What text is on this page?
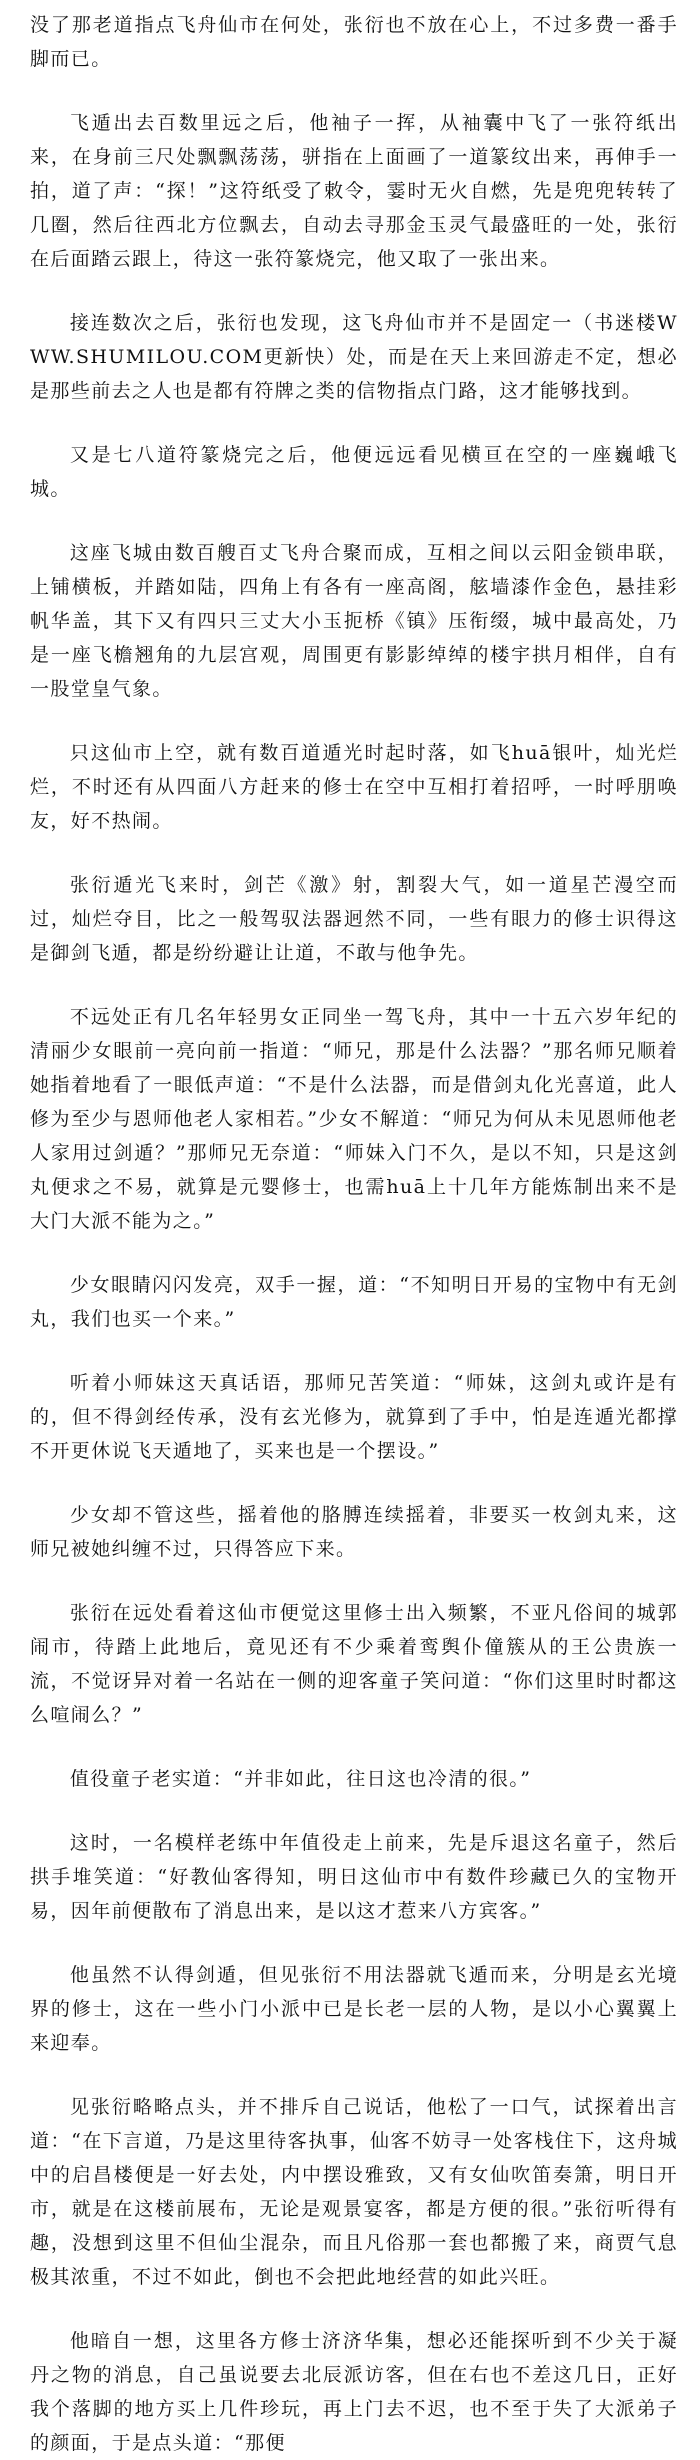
没了那老道指点飞舟仙市在何处，张衍也不放在心上，不过多费一番手脚而已。

飞遁出去百数里远之后，他袖子一挥，从袖囊中飞了一张符纸出来，在身前三尺处飘飘荡荡，骈指在上面画了一道篆纹出来，再伸手一拍，道了声：“探！”这符纸受了敕令，霎时无火自燃，先是兜兜转转了几圈，然后往西北方位飘去，自动去寻那金玉灵气最盛旺的一处，张衍在后面踏云跟上，待这一张符篆烧完，他又取了一张出来。

接连数次之后，张衍也发现，这飞舟仙市并不是固定一（书迷楼WWW.SHUMILOU.COM更新快）处，而是在天上来回游走不定，想必是那些前去之人也是都有符牌之类的信物指点门路，这才能够找到。

又是七八道符篆烧完之后，他便远远看见横亘在空的一座巍峨飞城。

这座飞城由数百艘百丈飞舟合聚而成，互相之间以云阳金锁串联，上铺横板，并踏如陆，四角上有各有一座高阁，舷墙漆作金色，悬挂彩帆华盖，其下又有四只三丈大小玉扼桥《镇》压衔缀，城中最高处，乃是一座飞檐翘角的九层宫观，周围更有影影绰绰的楼宇拱月相伴，自有一股堂皇气象。

只这仙市上空，就有数百道遁光时起时落，如飞huā银叶，灿光烂烂，不时还有从四面八方赶来的修士在空中互相打着招呼，一时呼朋唤友，好不热闹。

张衍遁光飞来时，剑芒《激》射，割裂大气，如一道星芒漫空而过，灿烂夺目，比之一般驾驭法器迥然不同，一些有眼力的修士识得这是御剑飞遁，都是纷纷避让让道，不敢与他争先。

不远处正有几名年轻男女正同坐一驾飞舟，其中一十五六岁年纪的清丽少女眼前一亮向前一指道：“师兄，那是什么法器？”那名师兄顺着她指着地看了一眼低声道：“不是什么法器，而是借剑丸化光喜道，此人修为至少与恩师他老人家相若。”少女不解道：“师兄为何从未见恩师他老人家用过剑遁？”那师兄无奈道：“师妹入门不久，是以不知，只是这剑丸便求之不易，就算是元婴修士，也需huā上十几年方能炼制出来不是大门大派不能为之。”

少女眼睛闪闪发亮，双手一握，道：“不知明日开易的宝物中有无剑丸，我们也买一个来。”

听着小师妹这天真话语，那师兄苦笑道：“师妹，这剑丸或许是有的，但不得剑经传承，没有玄光修为，就算到了手中，怕是连遁光都撑不开更休说飞天遁地了，买来也是一个摆设。”

少女却不管这些，摇着他的胳膊连续摇着，非要买一枚剑丸来，这师兄被她纠缠不过，只得答应下来。

张衍在远处看着这仙市便觉这里修士出入频繁，不亚凡俗间的城郭闹市，待踏上此地后，竟见还有不少乘着鸾舆仆僮簇从的王公贵族一流，不觉讶异对着一名站在一侧的迎客童子笑问道：“你们这里时时都这么喧闹么？”

值役童子老实道：“并非如此，往日这也冷清的很。”

这时，一名模样老练中年值役走上前来，先是斥退这名童子，然后拱手堆笑道：“好教仙客得知，明日这仙市中有数件珍藏已久的宝物开易，因年前便散布了消息出来，是以这才惹来八方宾客。”

他虽然不认得剑遁，但见张衍不用法器就飞遁而来，分明是玄光境界的修士，这在一些小门小派中已是长老一层的人物，是以小心翼翼上来迎奉。

见张衍略略点头，并不排斥自己说话，他松了一口气，试探着出言道：“在下言道，乃是这里待客执事，仙客不妨寻一处客栈住下，这舟城中的启昌楼便是一好去处，内中摆设雅致，又有女仙吹笛奏箫，明日开市，就是在这楼前展布，无论是观景宴客，都是方便的很。”张衍听得有趣，没想到这里不但仙尘混杂，而且凡俗那一套也都搬了来，商贾气息极其浓重，不过不如此，倒也不会把此地经营的如此兴旺。

他暗自一想，这里各方修士济济华集，想必还能探听到不少关于凝丹之物的消息，自己虽说要去北辰派访客，但在右也不差这几日，正好我个落脚的地方买上几件珍玩，再上门去不迟，也不至于失了大派弟子的颜面，于是点头道：“那便
